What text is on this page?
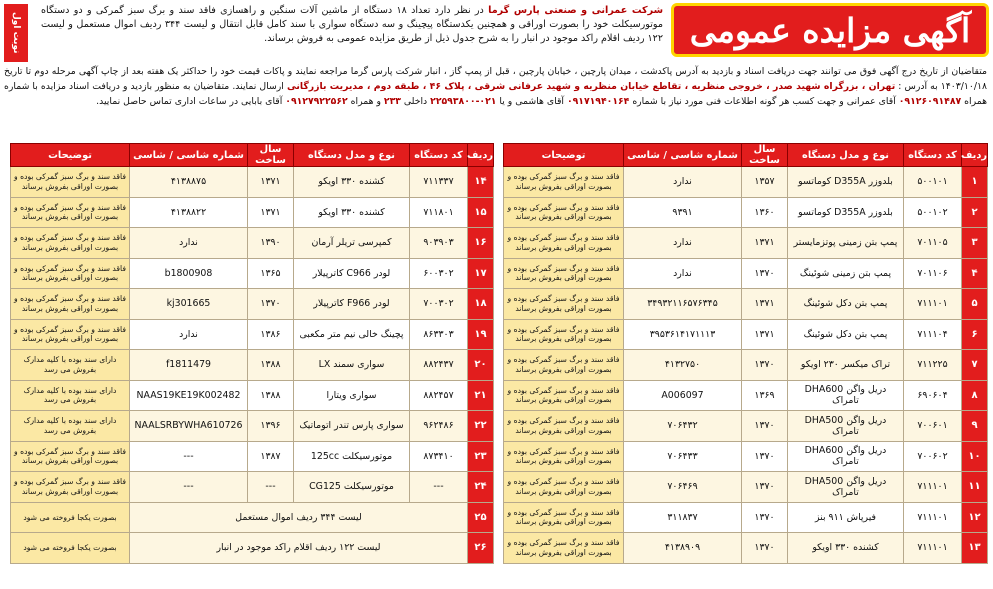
آگهی مزایده عمومی
نوبت اول
شرکت عمرانی و صنعتی پارس گرما در نظر دارد تعداد ۱۸ دستگاه از ماشین آلات سنگین و راهسازی فاقد سند و برگ سبز گمرکی و دو دستگاه موتورسیکلت خود را بصورت اوراقی و همچنین یکدستگاه پیچینگ و سه دستگاه سواری با سند کامل قابل انتقال و لیست ۳۴۴ ردیف اموال مستعمل و لیست ۱۲۲ ردیف اقلام راکد موجود در انبار را به شرح جدول ذیل از طریق مزایده عمومی به فروش برساند.
متقاضیان از تاریخ درج آگهی فوق می توانند جهت دریافت اسناد و بازدید به آدرس پاکدشت ، میدان پارچین ، خیابان پارچین ، قبل از پمپ گاز ، انبار شرکت پارس گرما مراجعه نمایند و پاکات قیمت خود را حداکثر یک هفته بعد از چاپ آگهی مرحله دوم تا تاریخ ۱۴۰۳/۱۰/۱۸ به آدرس : تهران ، بزرگراه شهید صدر ، خروجی منظریه ، تقاطع خیابان منظریه و شهید عرفانی شرقی ، پلاک ۴۶ ، طبقه دوم ، مدیریت بازرگانی ارسال نمایند. متقاضیان به منظور بازدید و دریافت اسناد مزایده با شماره همراه ۰۹۱۲۶۰۹۱۴۸۷ آقای عمرانی و جهت کسب هر گونه اطلاعات فنی مورد نیاز با شماره ۰۹۱۷۱۹۴۰۱۶۴ آقای هاشمی و یا ۰۲۱-۲۲۵۹۳۸۰۰ داخلی ۲۳۳ و همراه ۰۹۱۲۷۹۲۲۵۶۲ آقای بابایی در ساعات اداری تماس حاصل نمایید.
ردیف	کد دستگاه	نوع و مدل دستگاه	سال ساخت	شماره شاسی / شاسی	توضیحات
۱	۵۰۰۱۰۱	بلدوزر D355A کوماتسو	۱۳۵۷	ندارد	فاقد سند و برگ سبز گمرکی بوده و بصورت اوراقی بفروش برساند
۲	۵۰۰۱۰۲	بلدوزر D355A کوماتسو	۱۳۶۰	۹۳۹۱	فاقد سند و برگ سبز گمرکی بوده و بصورت اوراقی بفروش برساند
۳	۷۰۱۱۰۵	پمپ بتن زمینی پوتزمایستر	۱۳۷۱	ندارد	فاقد سند و برگ سبز گمرکی بوده و بصورت اوراقی بفروش برساند
۴	۷۰۱۱۰۶	پمپ بتن زمینی شوئینگ	۱۳۷۰	ندارد	فاقد سند و برگ سبز گمرکی بوده و بصورت اوراقی بفروش برساند
۵	۷۱۱۱۰۱	پمپ بتن دکل شوئینگ	۱۳۷۱	۳۴۹۳۲۱۱۶۵۷۶۳۴۵	فاقد سند و برگ سبز گمرکی بوده و بصورت اوراقی بفروش برساند
۶	۷۱۱۱۰۴	پمپ بتن دکل شوئینگ	۱۳۷۱	۳۹۵۳۶۱۴۱۷۱۱۱۳	فاقد سند و برگ سبز گمرکی بوده و بصورت اوراقی بفروش برساند
۷	۷۱۱۲۲۵	تراک میکسر ۲۳۰ اویکو	۱۳۷۰	۴۱۳۲۷۵۰	فاقد سند و برگ سبز گمرکی بوده و بصورت اوراقی بفروش برساند
۸	۶۹۰۶۰۴	دریل واگن DHA600 تامراک	۱۳۶۹	A006097	فاقد سند و برگ سبز گمرکی بوده و بصورت اوراقی بفروش برساند
۹	۷۰۰۶۰۱	دریل واگن DHA500 تامراک	۱۳۷۰	۷۰۶۴۳۲	فاقد سند و برگ سبز گمرکی بوده و بصورت اوراقی بفروش برساند
۱۰	۷۰۰۶۰۲	دریل واگن DHA600 تامراک	۱۳۷۰	۷۰۶۴۳۳	فاقد سند و برگ سبز گمرکی بوده و بصورت اوراقی بفروش برساند
۱۱	۷۱۱۱۰۱	دریل واگن DHA500 تامراک	۱۳۷۰	۷۰۶۴۶۹	فاقد سند و برگ سبز گمرکی بوده و بصورت اوراقی بفروش برساند
۱۲	۷۱۱۱۰۱	فیرپاش ۹۱۱ بنز	۱۳۷۰	۳۱۱۸۳۷	فاقد سند و برگ سبز گمرکی بوده و بصورت اوراقی بفروش برساند
۱۳	۷۱۱۱۰۱	کشنده ۳۳۰ اویکو	۱۳۷۰	۴۱۳۸۹۰۹	فاقد سند و برگ سبز گمرکی بوده و بصورت اوراقی بفروش برساند
ردیف	کد دستگاه	نوع و مدل دستگاه	سال ساخت	شماره شاسی / شاسی	توضیحات
۱۴	۷۱۱۳۳۷	کشنده ۳۳۰ اویکو	۱۳۷۱	۴۱۳۸۸۷۵	فاقد سند و برگ سبز گمرکی بوده و بصورت اوراقی بفروش برساند
۱۵	۷۱۱۸۰۱	کشنده ۳۳۰ اویکو	۱۳۷۱	۴۱۳۸۸۲۲	فاقد سند و برگ سبز گمرکی بوده و بصورت اوراقی بفروش برساند
۱۶	۹۰۳۹۰۳	کمپرسی تریلر آرمان	۱۳۹۰	ندارد	فاقد سند و برگ سبز گمرکی بوده و بصورت اوراقی بفروش برساند
۱۷	۶۰۰۳۰۲	لودر C966 کاترپیلار	۱۳۶۵	b1800908	فاقد سند و برگ سبز گمرکی بوده و بصورت اوراقی بفروش برساند
۱۸	۷۰۰۳۰۲	لودر F966 کاترپیلار	۱۳۷۰	kj301665	فاقد سند و برگ سبز گمرکی بوده و بصورت اوراقی بفروش برساند
۱۹	۸۶۳۳۰۳	پچینگ خالی نیم متر مکعبی	۱۳۸۶	ندارد	فاقد سند و برگ سبز گمرکی بوده و بصورت اوراقی بفروش برساند
۲۰	۸۸۲۴۳۷	سواری سمند LX	۱۳۸۸	f1811479	دارای سند بوده با کلیه مدارک بفروش می رسد
۲۱	۸۸۲۴۵۷	سواری ویتارا	۱۳۸۸	NAAS19KE19K002482	دارای سند بوده با کلیه مدارک بفروش می رسد
۲۲	۹۶۲۴۸۶	سواری پارس تندر اتوماتیک	۱۳۹۶	NAALSRBYWHA610726	دارای سند بوده با کلیه مدارک بفروش می رسد
۲۳	۸۷۳۴۱۰	موتورسیکلت 125cc	۱۳۸۷	---	فاقد سند و برگ سبز گمرکی بوده و بصورت اوراقی بفروش برساند
۲۴	---	موتورسیکلت CG125	---	---	فاقد سند و برگ سبز گمرکی بوده و بصورت اوراقی بفروش برساند
۲۵	لیست ۳۴۴ ردیف اموال مستعمل				بصورت یکجا فروخته می شود
۲۶	لیست ۱۲۲ ردیف اقلام راکد موجود در انبار				بصورت یکجا فروخته می شود
